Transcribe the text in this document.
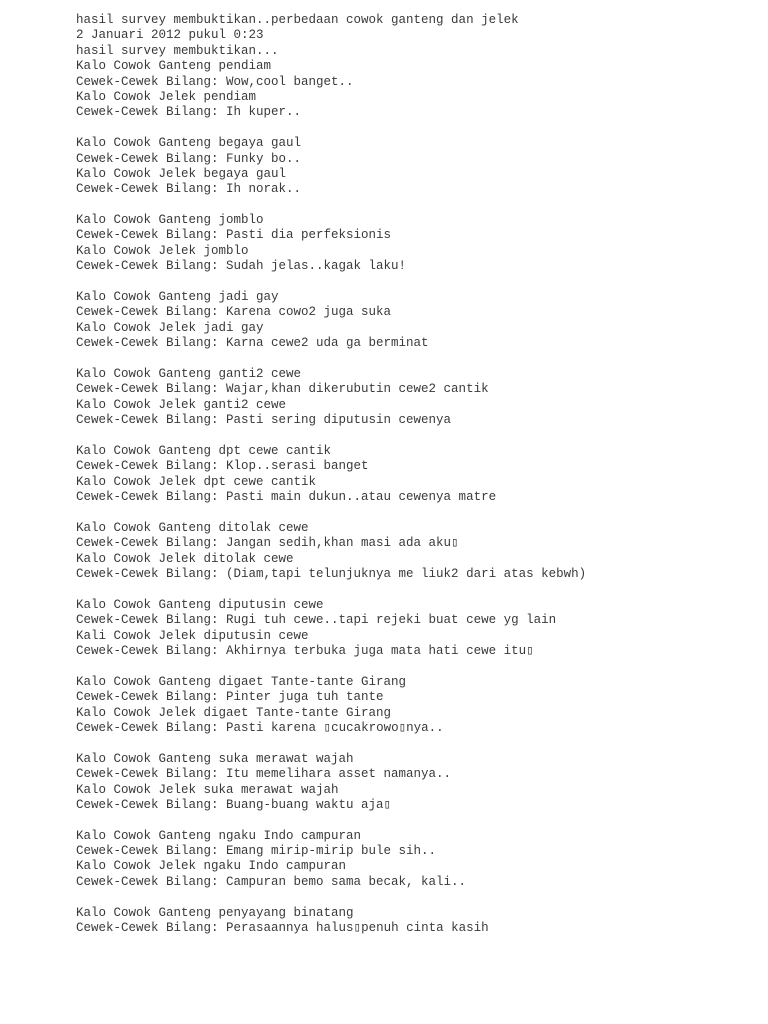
hasil survey membuktikan..perbedaan cowok ganteng dan jelek
2 Januari 2012 pukul 0:23
hasil survey membuktikan...
Kalo Cowok Ganteng pendiam
Cewek-Cewek Bilang: Wow,cool banget..
Kalo Cowok Jelek pendiam
Cewek-Cewek Bilang: Ih kuper..
Kalo Cowok Ganteng begaya gaul
Cewek-Cewek Bilang: Funky bo..
Kalo Cowok Jelek begaya gaul
Cewek-Cewek Bilang: Ih norak..
Kalo Cowok Ganteng jomblo
Cewek-Cewek Bilang: Pasti dia perfeksionis
Kalo Cowok Jelek jomblo
Cewek-Cewek Bilang: Sudah jelas..kagak laku!
Kalo Cowok Ganteng jadi gay
Cewek-Cewek Bilang: Karena cowo2 juga suka
Kalo Cowok Jelek jadi gay
Cewek-Cewek Bilang: Karna cewe2 uda ga berminat
Kalo Cowok Ganteng ganti2 cewe
Cewek-Cewek Bilang: Wajar,khan dikerubutin cewe2 cantik
Kalo Cowok Jelek ganti2 cewe
Cewek-Cewek Bilang: Pasti sering diputusin cewenya
Kalo Cowok Ganteng dpt cewe cantik
Cewek-Cewek Bilang: Klop..serasi banget
Kalo Cowok Jelek dpt cewe cantik
Cewek-Cewek Bilang: Pasti main dukun..atau cewenya matre
Kalo Cowok Ganteng ditolak cewe
Cewek-Cewek Bilang: Jangan sedih,khan masi ada aku▯
Kalo Cowok Jelek ditolak cewe
Cewek-Cewek Bilang: (Diam,tapi telunjuknya me liuk2 dari atas kebwh)
Kalo Cowok Ganteng diputusin cewe
Cewek-Cewek Bilang: Rugi tuh cewe..tapi rejeki buat cewe yg lain
Kali Cowok Jelek diputusin cewe
Cewek-Cewek Bilang: Akhirnya terbuka juga mata hati cewe itu▯
Kalo Cowok Ganteng digaet Tante-tante Girang
Cewek-Cewek Bilang: Pinter juga tuh tante
Kalo Cowok Jelek digaet Tante-tante Girang
Cewek-Cewek Bilang: Pasti karena ▯cucakrowo▯nya..
Kalo Cowok Ganteng suka merawat wajah
Cewek-Cewek Bilang: Itu memelihara asset namanya..
Kalo Cowok Jelek suka merawat wajah
Cewek-Cewek Bilang: Buang-buang waktu aja▯
Kalo Cowok Ganteng ngaku Indo campuran
Cewek-Cewek Bilang: Emang mirip-mirip bule sih..
Kalo Cowok Jelek ngaku Indo campuran
Cewek-Cewek Bilang: Campuran bemo sama becak, kali..
Kalo Cowok Ganteng penyayang binatang
Cewek-Cewek Bilang: Perasaannya halus▯penuh cinta kasih
